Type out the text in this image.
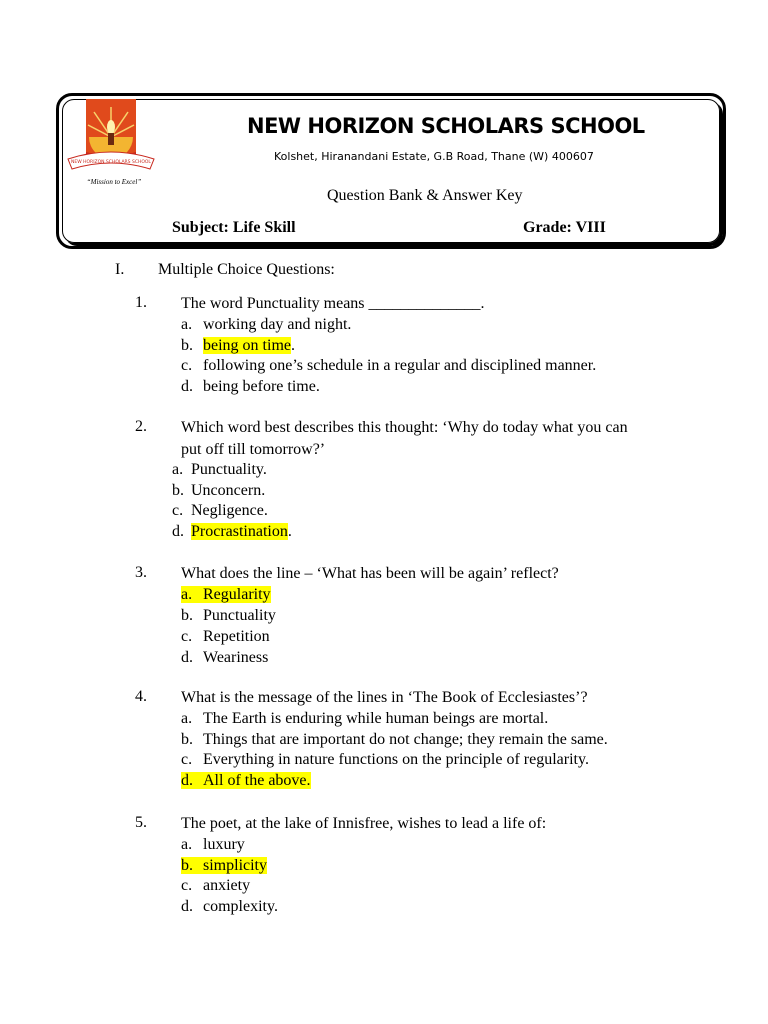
NEW HORIZON SCHOLARS SCHOOL
“Mission to Excel”
NEW HORIZON SCHOLARS SCHOOL
Kolshet, Hiranandani Estate, G.B Road, Thane (W) 400607
Question Bank & Answer Key
Subject: Life Skill	Grade: VIII
I. Multiple Choice Questions:
1. The word Punctuality means ______________.
a. working day and night.
b. being on time.
c. following one’s schedule in a regular and disciplined manner.
d. being before time.
2. Which word best describes this thought: ‘Why do today what you can
put off till tomorrow?’
a. Punctuality.
b. Unconcern.
c. Negligence.
d. Procrastination.
3. What does the line – ‘What has been will be again’ reflect?
a. Regularity
b. Punctuality
c. Repetition
d. Weariness
4. What is the message of the lines in ‘The Book of Ecclesiastes’?
a. The Earth is enduring while human beings are mortal.
b. Things that are important do not change; they remain the same.
c. Everything in nature functions on the principle of regularity.
d. All of the above.
5. The poet, at the lake of Innisfree, wishes to lead a life of:
a. luxury
b. simplicity
c. anxiety
d. complexity.
